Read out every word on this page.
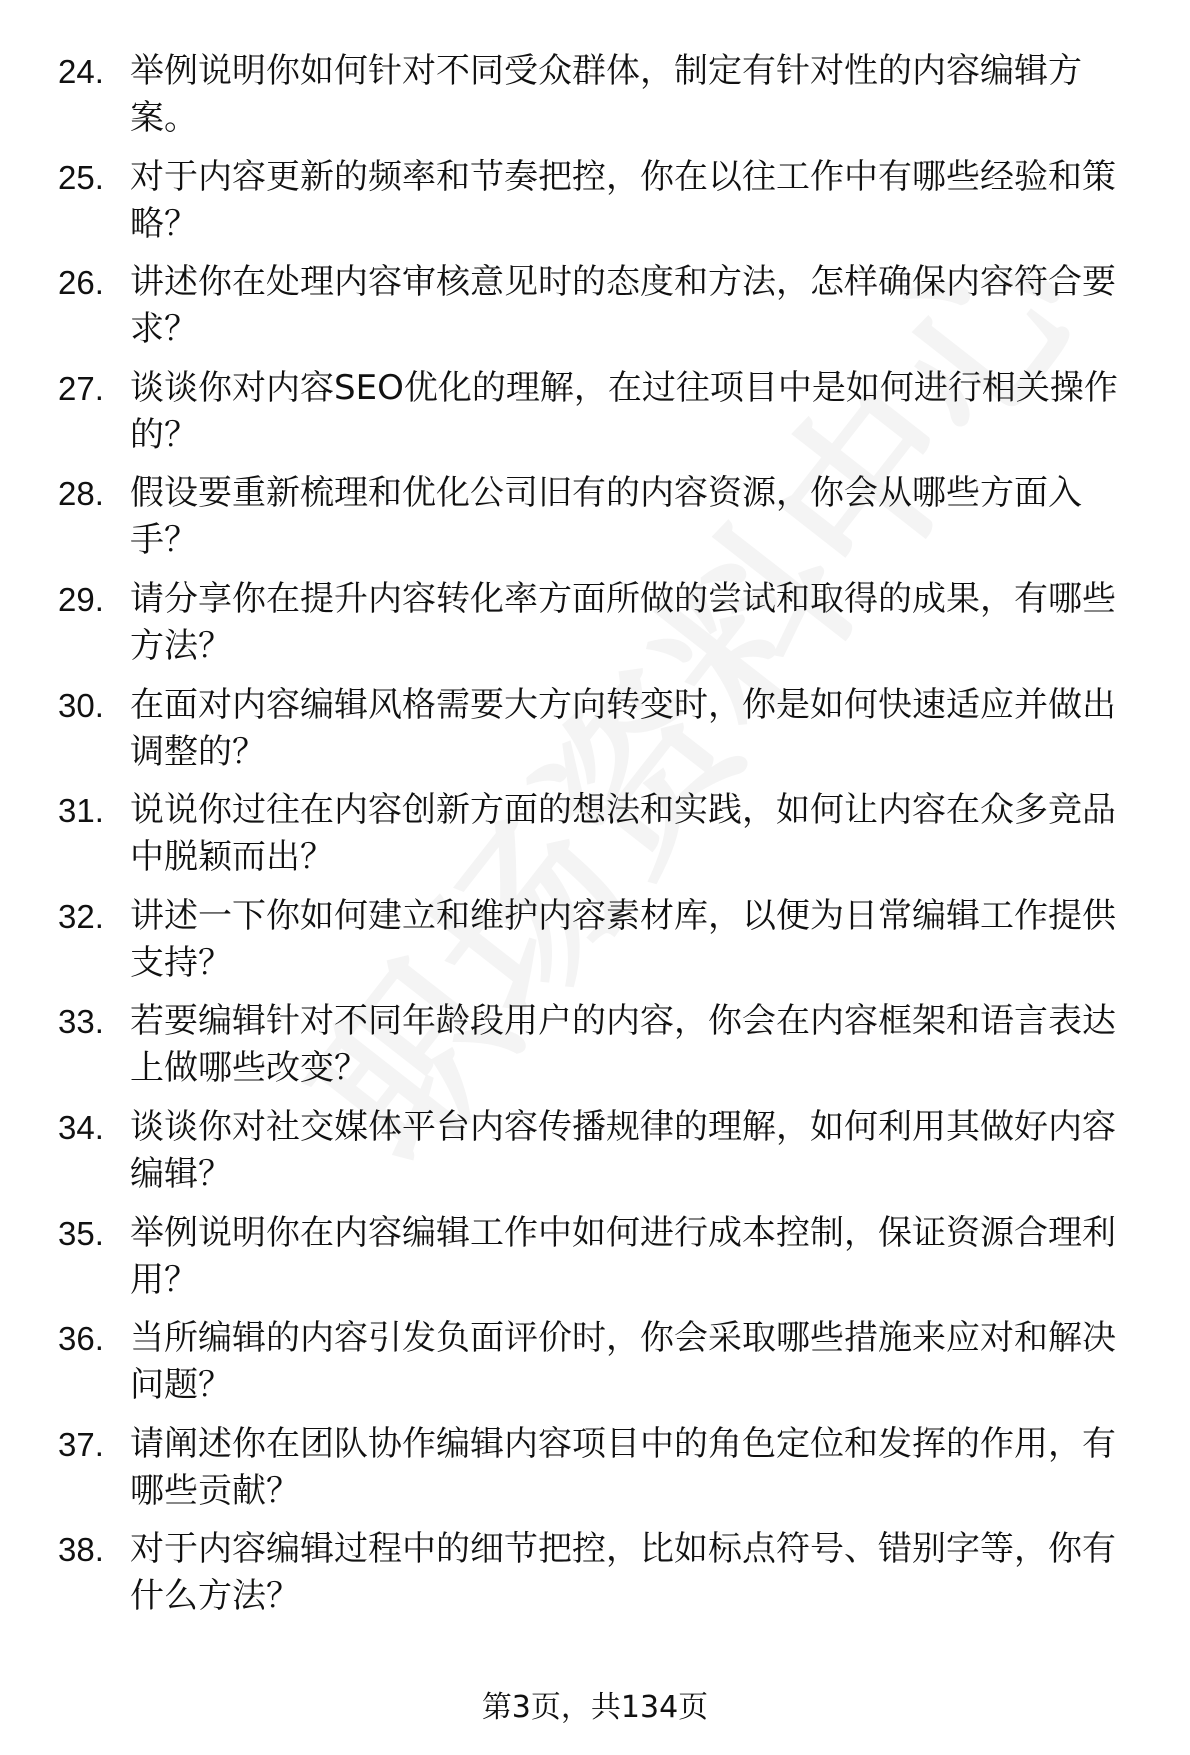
24. 举例说明你如何针对不同受众群体，制定有针对性的内容编辑方案。
25. 对于内容更新的频率和节奏把控，你在以往工作中有哪些经验和策略？
26. 讲述你在处理内容审核意见时的态度和方法，怎样确保内容符合要求？
27. 谈谈你对内容SEO优化的理解，在过往项目中是如何进行相关操作的？
28. 假设要重新梳理和优化公司旧有的内容资源，你会从哪些方面入手？
29. 请分享你在提升内容转化率方面所做的尝试和取得的成果，有哪些方法？
30. 在面对内容编辑风格需要大方向转变时，你是如何快速适应并做出调整的？
31. 说说你过往在内容创新方面的想法和实践，如何让内容在众多竞品中脱颖而出？
32. 讲述一下你如何建立和维护内容素材库，以便为日常编辑工作提供支持？
33. 若要编辑针对不同年龄段用户的内容，你会在内容框架和语言表达上做哪些改变？
34. 谈谈你对社交媒体平台内容传播规律的理解，如何利用其做好内容编辑？
35. 举例说明你在内容编辑工作中如何进行成本控制，保证资源合理利用？
36. 当所编辑的内容引发负面评价时，你会采取哪些措施来应对和解决问题？
37. 请阐述你在团队协作编辑内容项目中的角色定位和发挥的作用，有哪些贡献？
38. 对于内容编辑过程中的细节把控，比如标点符号、错别字等，你有什么方法？
第3页，共134页
